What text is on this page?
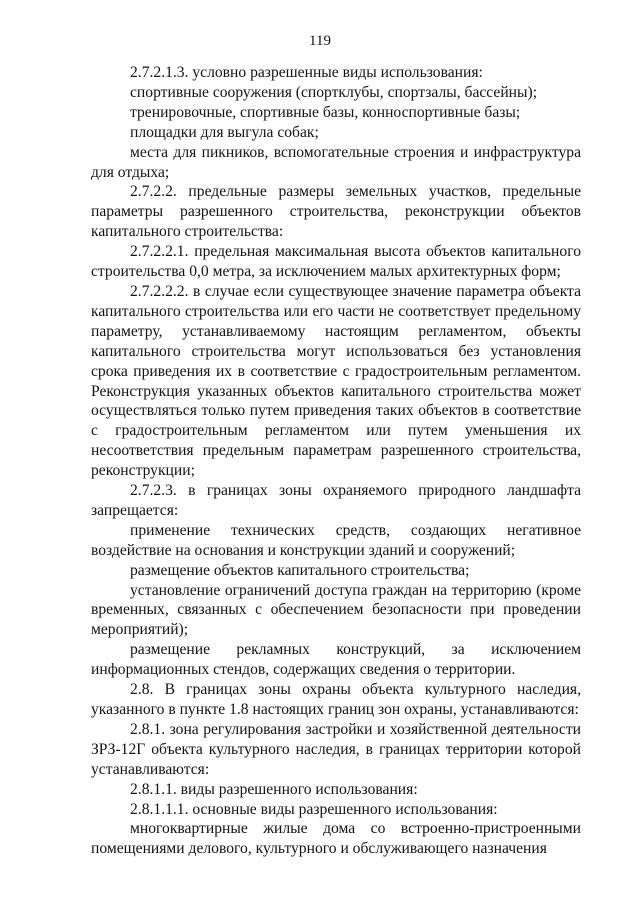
119

2.7.2.1.3. условно разрешенные виды использования:

спортивные сооружения (спортклубы, спортзалы, бассейны);

тренировочные, спортивные базы, конноспортивные базы;

площадки для выгула собак;

места для пикников, вспомогательные строения и инфраструктура для отдыха;

2.7.2.2. предельные размеры земельных участков, предельные параметры разрешенного строительства, реконструкции объектов капитального строительства:

2.7.2.2.1. предельная максимальная высота объектов капитального строительства 0,0 метра, за исключением малых архитектурных форм;

2.7.2.2.2. в случае если существующее значение параметра объекта капитального строительства или его части не соответствует предельному параметру, устанавливаемому настоящим регламентом, объекты капитального строительства могут использоваться без установления срока приведения их в соответствие с градостроительным регламентом. Реконструкция указанных объектов капитального строительства может осуществляться только путем приведения таких объектов в соответствие с градостроительным регламентом или путем уменьшения их несоответствия предельным параметрам разрешенного строительства, реконструкции;

2.7.2.3. в границах зоны охраняемого природного ландшафта запрещается:

применение технических средств, создающих негативное воздействие на основания и конструкции зданий и сооружений;

размещение объектов капитального строительства;

установление ограничений доступа граждан на территорию (кроме временных, связанных с обеспечением безопасности при проведении мероприятий);

размещение рекламных конструкций, за исключением информационных стендов, содержащих сведения о территории.

2.8. В границах зоны охраны объекта культурного наследия, указанного в пункте 1.8 настоящих границ зон охраны, устанавливаются:

2.8.1. зона регулирования застройки и хозяйственной деятельности ЗРЗ-12Г объекта культурного наследия, в границах территории которой устанавливаются:

2.8.1.1. виды разрешенного использования:

2.8.1.1.1. основные виды разрешенного использования:

многоквартирные жилые дома со встроенно-пристроенными помещениями делового, культурного и обслуживающего назначения
